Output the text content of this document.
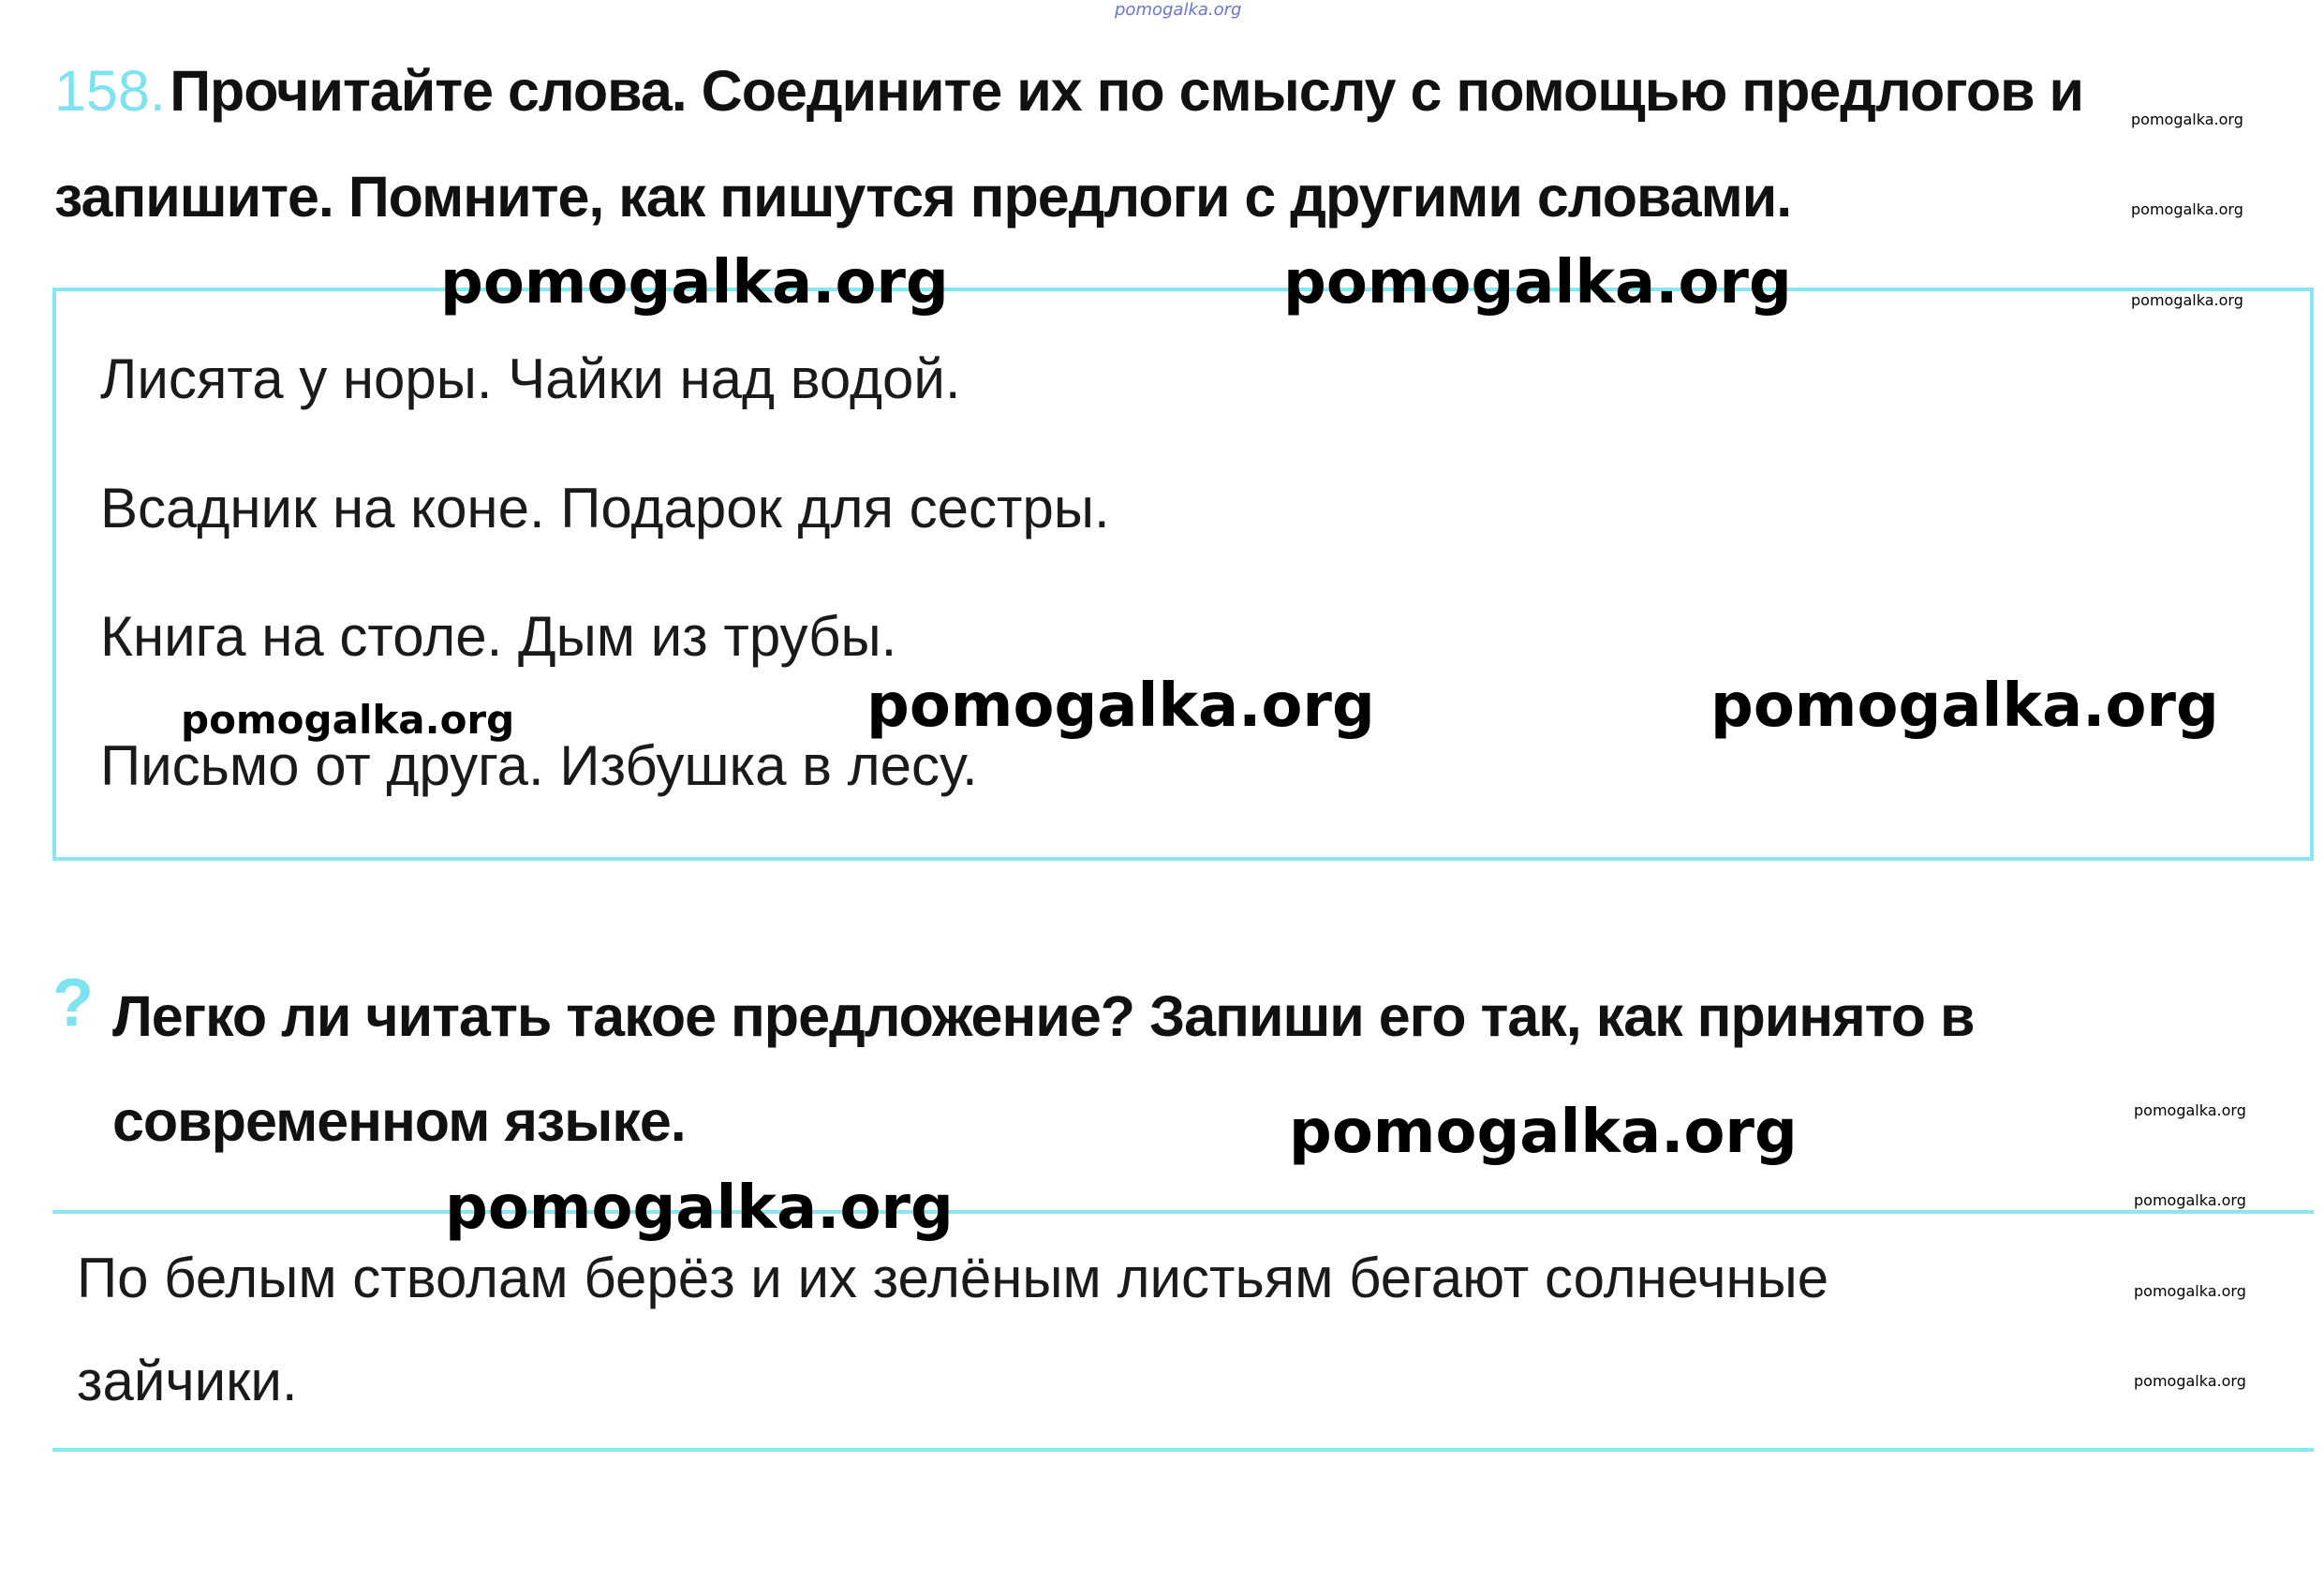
pomogalka.org
158. Прочитайте слова. Соедините их по смыслу с помощью предлогов и
запишите. Помните, как пишутся предлоги с другими словами.
Лисята у норы. Чайки над водой.
Всадник на коне. Подарок для сестры.
Книга на столе. Дым из трубы.
Письмо от друга. Избушка в лесу.
? Легко ли читать такое предложение? Запиши его так, как принято в
современном языке.
По белым стволам берёз и их зелёным листьям бегают солнечные
зайчики.
pomogalka.org	pomogalka.org
pomogalka.org	pomogalka.org
pomogalka.org
pomogalka.org
pomogalka.org
pomogalka.org
pomogalka.org
pomogalka.org
pomogalka.org
pomogalka.org
pomogalka.org
pomogalka.org
